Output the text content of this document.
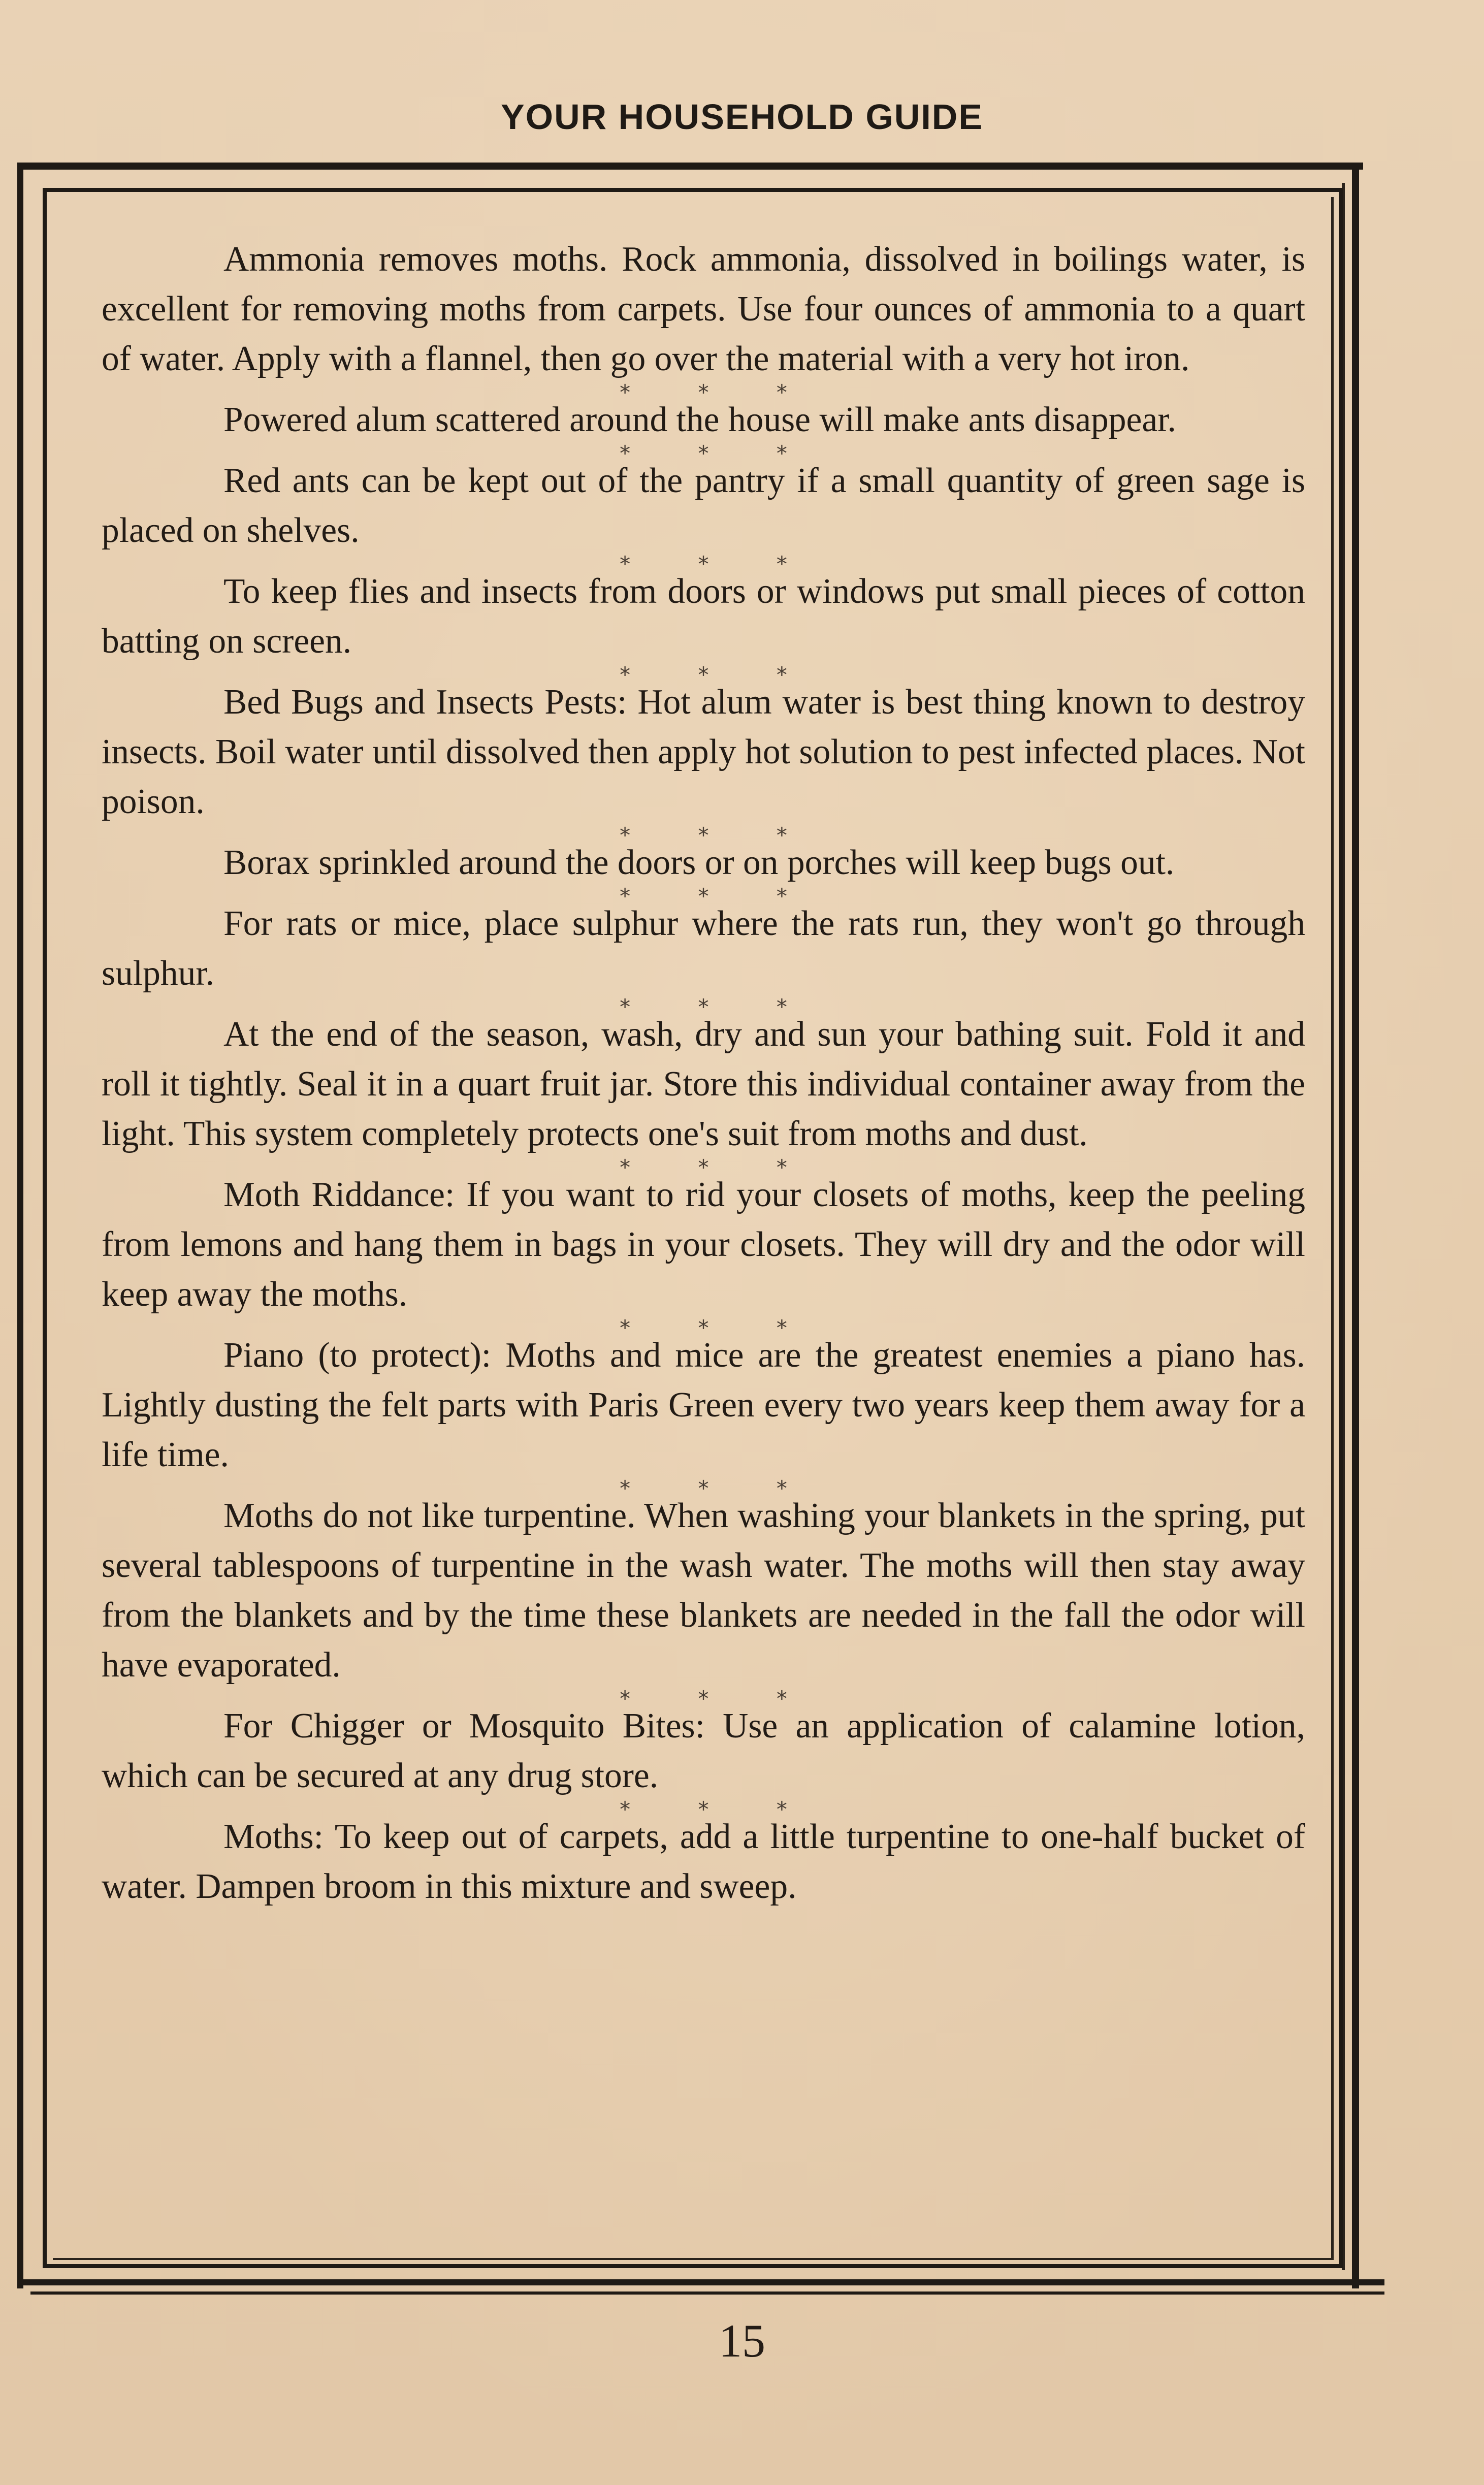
YOUR HOUSEHOLD GUIDE

Ammonia removes moths. Rock ammonia, dissolved in boilings water, is excellent for removing moths from carpets. Use four ounces of ammonia to a quart of water. Apply with a flannel, then go over the material with a very hot iron.

* * *

Powered alum scattered around the house will make ants disappear.

* * *

Red ants can be kept out of the pantry if a small quantity of green sage is placed on shelves.

* * *

To keep flies and insects from doors or windows put small pieces of cotton batting on screen.

* * *

Bed Bugs and Insects Pests: Hot alum water is best thing known to destroy insects. Boil water until dissolved then apply hot solution to pest infected places. Not poison.

* * *

Borax sprinkled around the doors or on porches will keep bugs out.

* * *

For rats or mice, place sulphur where the rats run, they won't go through sulphur.

* * *

At the end of the season, wash, dry and sun your bathing suit. Fold it and roll it tightly. Seal it in a quart fruit jar. Store this individual container away from the light. This system completely protects one's suit from moths and dust.

* * *

Moth Riddance: If you want to rid your closets of moths, keep the peeling from lemons and hang them in bags in your closets. They will dry and the odor will keep away the moths.

* * *

Piano (to protect): Moths and mice are the greatest enemies a piano has. Lightly dusting the felt parts with Paris Green every two years keep them away for a life time.

* * *

Moths do not like turpentine. When washing your blankets in the spring, put several tablespoons of turpentine in the wash water. The moths will then stay away from the blankets and by the time these blankets are needed in the fall the odor will have evaporated.

* * *

For Chigger or Mosquito Bites: Use an application of calamine lotion, which can be secured at any drug store.

* * *

Moths: To keep out of carpets, add a little turpentine to one-half bucket of water. Dampen broom in this mixture and sweep.

15
